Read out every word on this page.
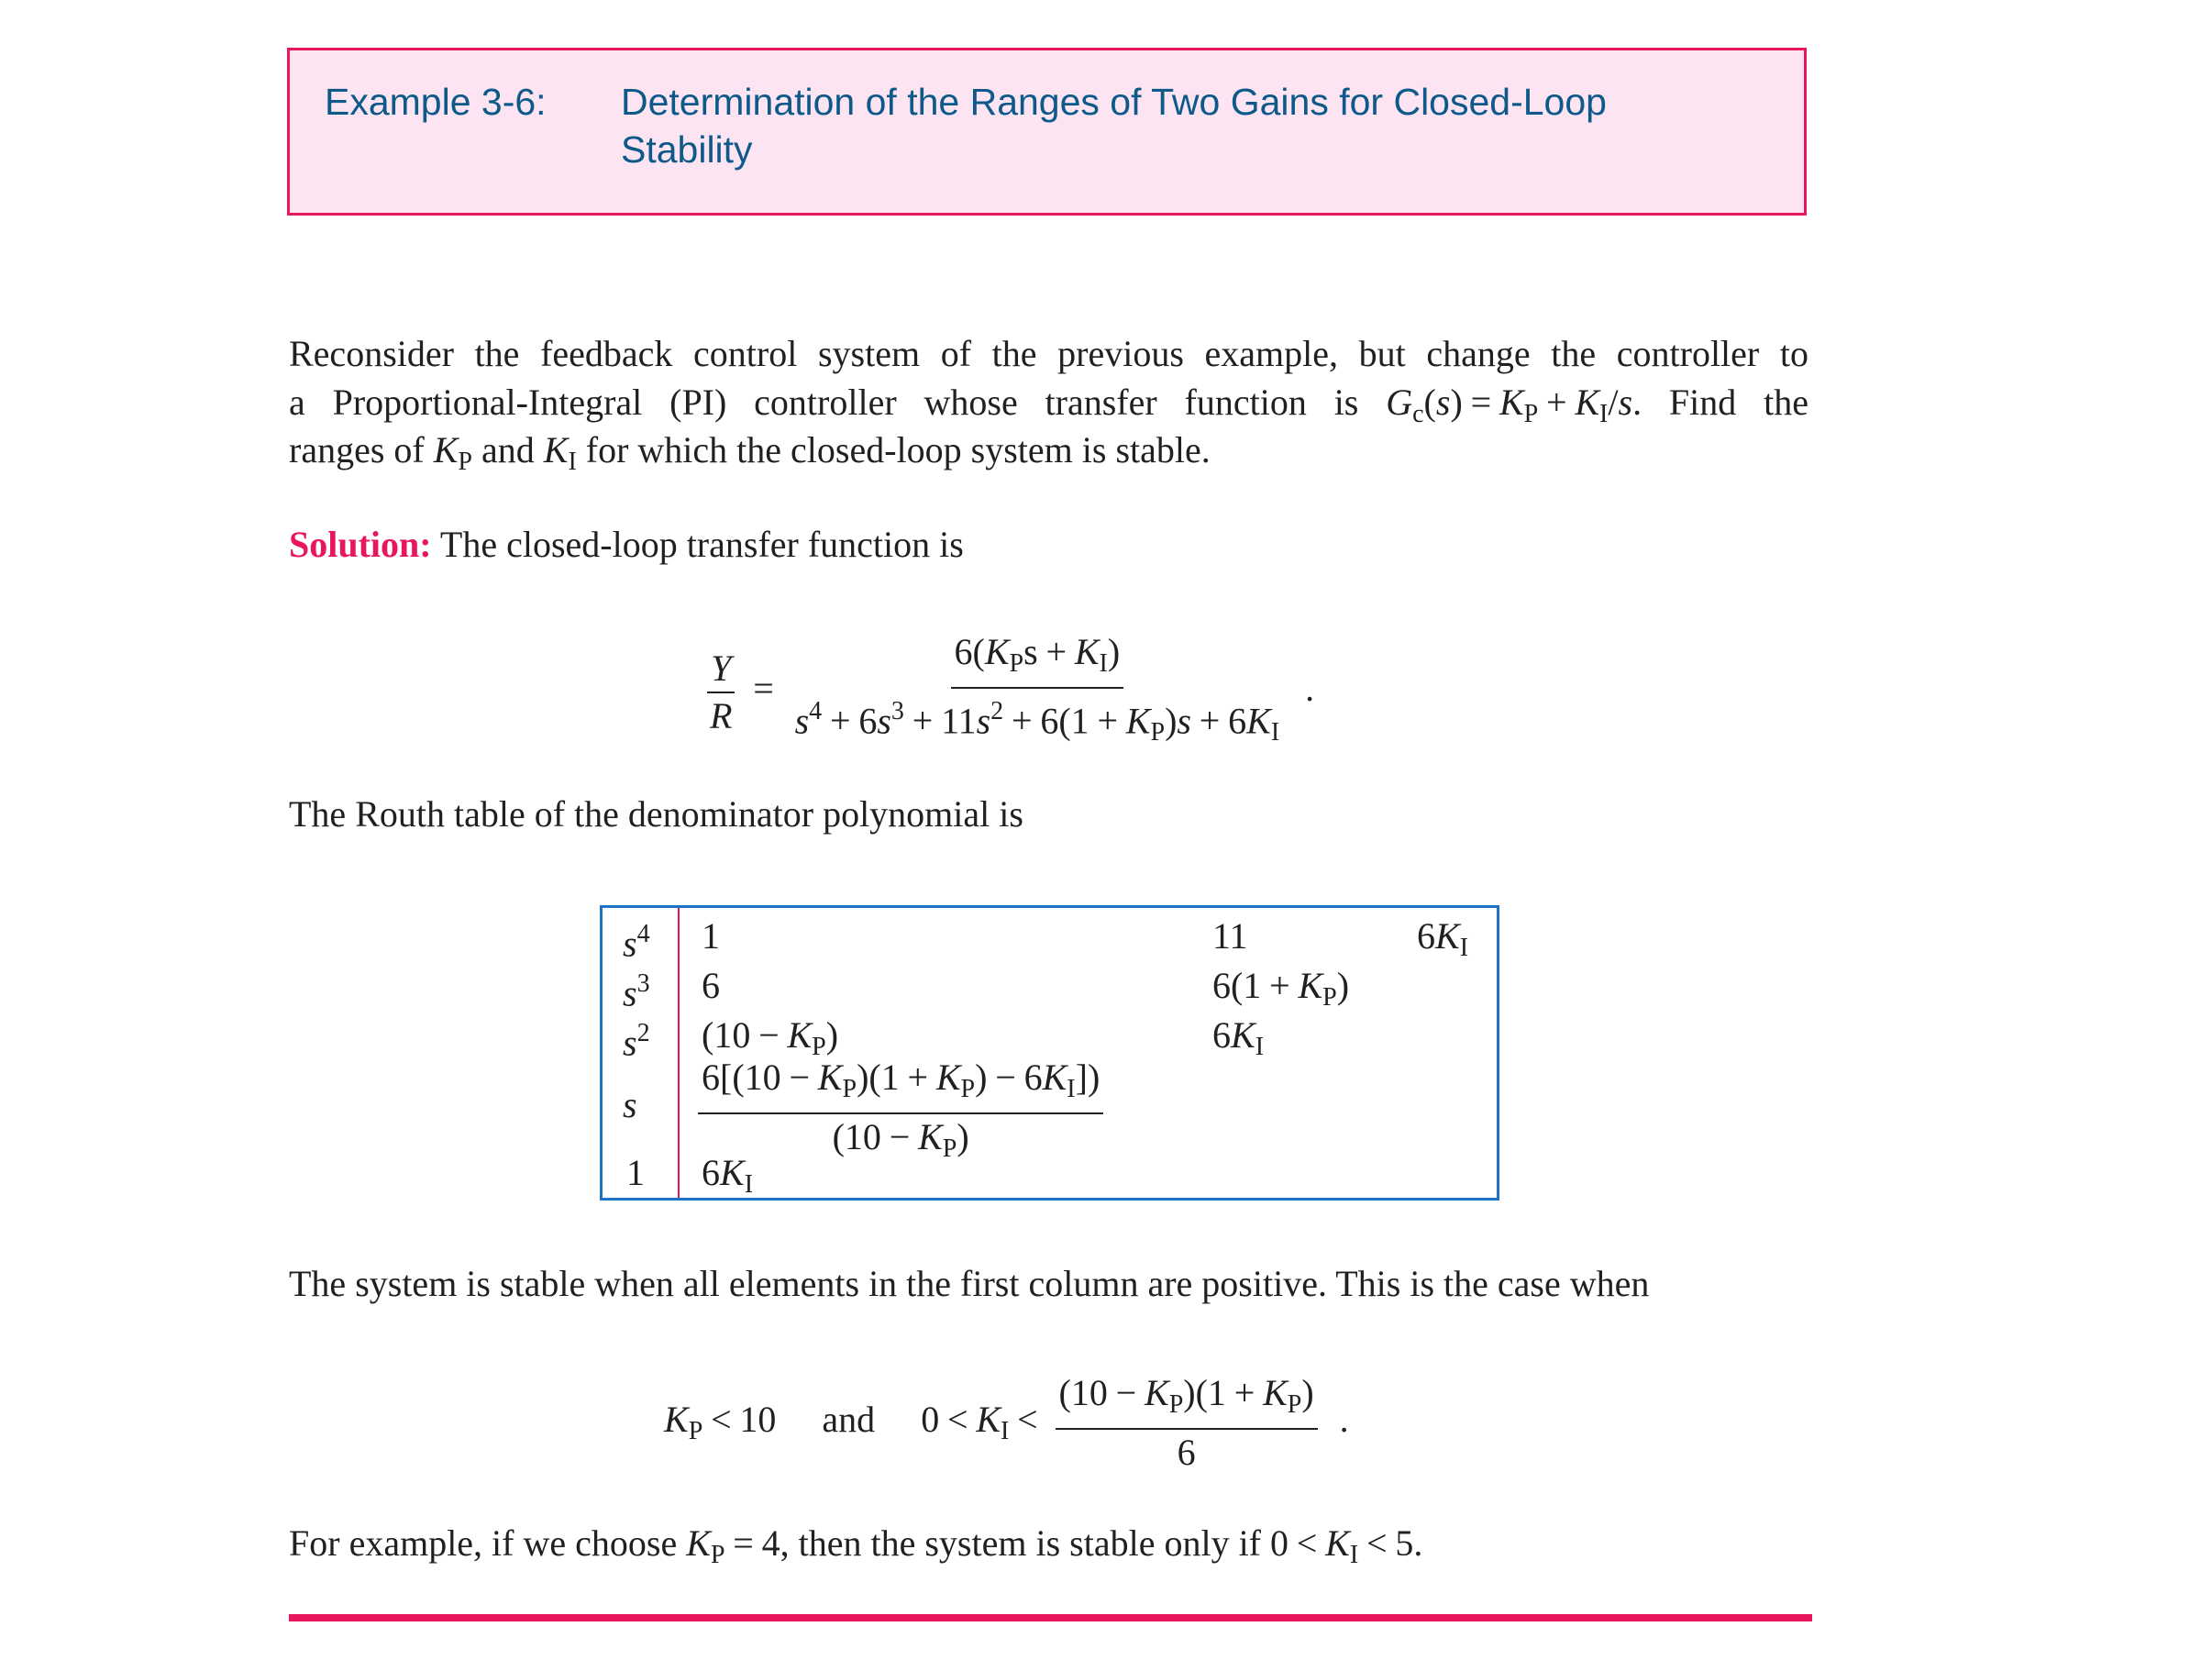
Example 3-6: Determination of the Ranges of Two Gains for Closed-Loop Stability
Reconsider the feedback control system of the previous example, but change the controller to
a Proportional-Integral (PI) controller whose transfer function is Gc(s) = KP + KI/s. Find the
ranges of KP and KI for which the closed-loop system is stable.
Solution: The closed-loop transfer function is
$\frac{Y}{R} = \frac{\text{6(KPs + KI)}}{s^4 + 6s^3 + 11s^2 + 6(1 + KP)s + 6KI}$ .
The Routh table of the denominator polynomial is
$s^4$ 1	11	6KI
$s^3$ 6	6(1 + KP)
$s^2$ (10 − KP)	6KI
s $\frac{6[(10 - KP)(1 + KP) - 6KI])}{(10 - KP)}$
1 6KI
The system is stable when all elements in the first column are positive. This is the case when
KP < 10 and 0 < KI < $\frac{(10 - KP)(1 + KP)}{6}$ .
For example, if we choose KP = 4, then the system is stable only if 0 < KI < 5.
